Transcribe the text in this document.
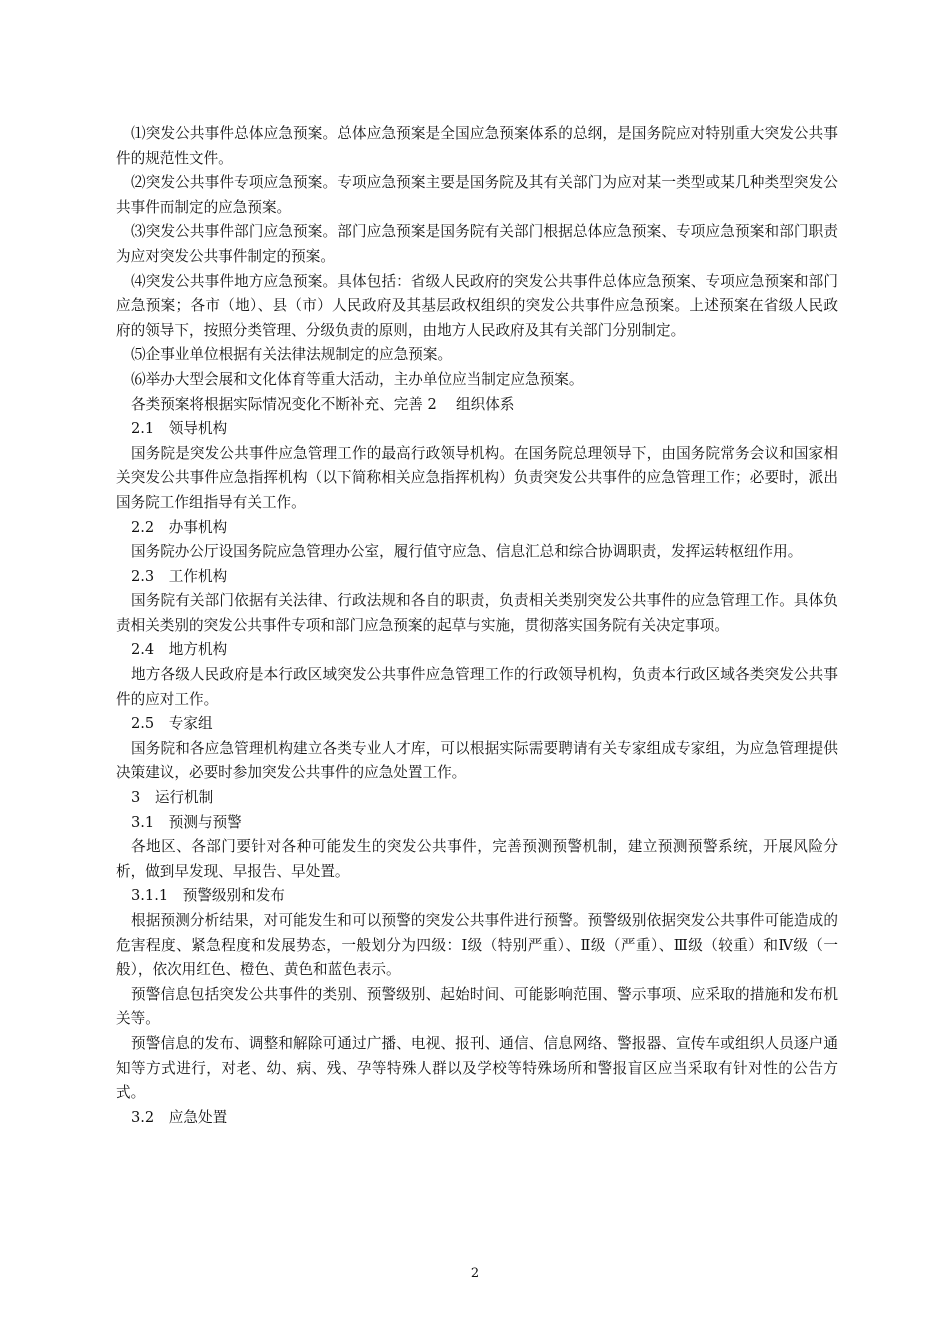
⑴突发公共事件总体应急预案。总体应急预案是全国应急预案体系的总纲，是国务院应对特别重大突发公共事件的规范性文件。

⑵突发公共事件专项应急预案。专项应急预案主要是国务院及其有关部门为应对某一类型或某几种类型突发公共事件而制定的应急预案。

⑶突发公共事件部门应急预案。部门应急预案是国务院有关部门根据总体应急预案、专项应急预案和部门职责为应对突发公共事件制定的预案。

⑷突发公共事件地方应急预案。具体包括：省级人民政府的突发公共事件总体应急预案、专项应急预案和部门应急预案；各市（地）、县（市）人民政府及其基层政权组织的突发公共事件应急预案。上述预案在省级人民政府的领导下，按照分类管理、分级负责的原则，由地方人民政府及其有关部门分别制定。

⑸企事业单位根据有关法律法规制定的应急预案。

⑹举办大型会展和文化体育等重大活动，主办单位应当制定应急预案。

各类预案将根据实际情况变化不断补充、完善 2　 组织体系

2.1　领导机构

国务院是突发公共事件应急管理工作的最高行政领导机构。在国务院总理领导下，由国务院常务会议和国家相关突发公共事件应急指挥机构（以下简称相关应急指挥机构）负责突发公共事件的应急管理工作；必要时，派出国务院工作组指导有关工作。

2.2　办事机构

国务院办公厅设国务院应急管理办公室，履行值守应急、信息汇总和综合协调职责，发挥运转枢纽作用。

2.3　工作机构

国务院有关部门依据有关法律、行政法规和各自的职责，负责相关类别突发公共事件的应急管理工作。具体负责相关类别的突发公共事件专项和部门应急预案的起草与实施，贯彻落实国务院有关决定事项。

2.4　地方机构

地方各级人民政府是本行政区域突发公共事件应急管理工作的行政领导机构，负责本行政区域各类突发公共事件的应对工作。

2.5　专家组

国务院和各应急管理机构建立各类专业人才库，可以根据实际需要聘请有关专家组成专家组，为应急管理提供决策建议，必要时参加突发公共事件的应急处置工作。

3　运行机制

3.1　预测与预警

各地区、各部门要针对各种可能发生的突发公共事件，完善预测预警机制，建立预测预警系统，开展风险分析，做到早发现、早报告、早处置。

3.1.1　预警级别和发布

根据预测分析结果，对可能发生和可以预警的突发公共事件进行预警。预警级别依据突发公共事件可能造成的危害程度、紧急程度和发展势态，一般划分为四级：Ⅰ级（特别严重）、Ⅱ级（严重）、Ⅲ级（较重）和Ⅳ级（一般），依次用红色、橙色、黄色和蓝色表示。

预警信息包括突发公共事件的类别、预警级别、起始时间、可能影响范围、警示事项、应采取的措施和发布机关等。

预警信息的发布、调整和解除可通过广播、电视、报刊、通信、信息网络、警报器、宣传车或组织人员逐户通知等方式进行，对老、幼、病、残、孕等特殊人群以及学校等特殊场所和警报盲区应当采取有针对性的公告方式。

3.2　应急处置

2
